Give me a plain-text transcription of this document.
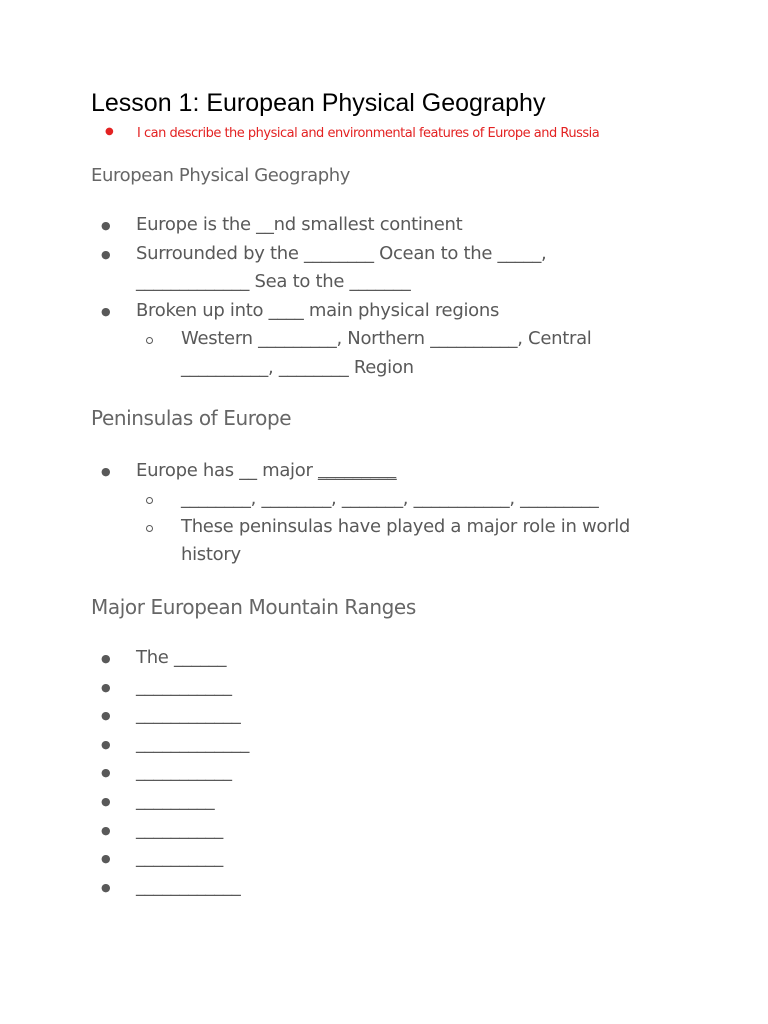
Lesson 1: European Physical Geography
● I can describe the physical and environmental features of Europe and Russia
European Physical Geography
● Europe is the __nd smallest continent
● Surrounded by the ________ Ocean to the _____,
_____________ Sea to the _______
● Broken up into ____ main physical regions
Western _________, Northern __________, Central
__________, ________ Region
Peninsulas of Europe
● Europe has __ major _________
________, ________, _______, ___________, _________
These peninsulas have played a major role in world
history
Major European Mountain Ranges
● The ______
● ___________
● ____________
● _____________
● ___________
● _________
● __________
● __________
● ____________
